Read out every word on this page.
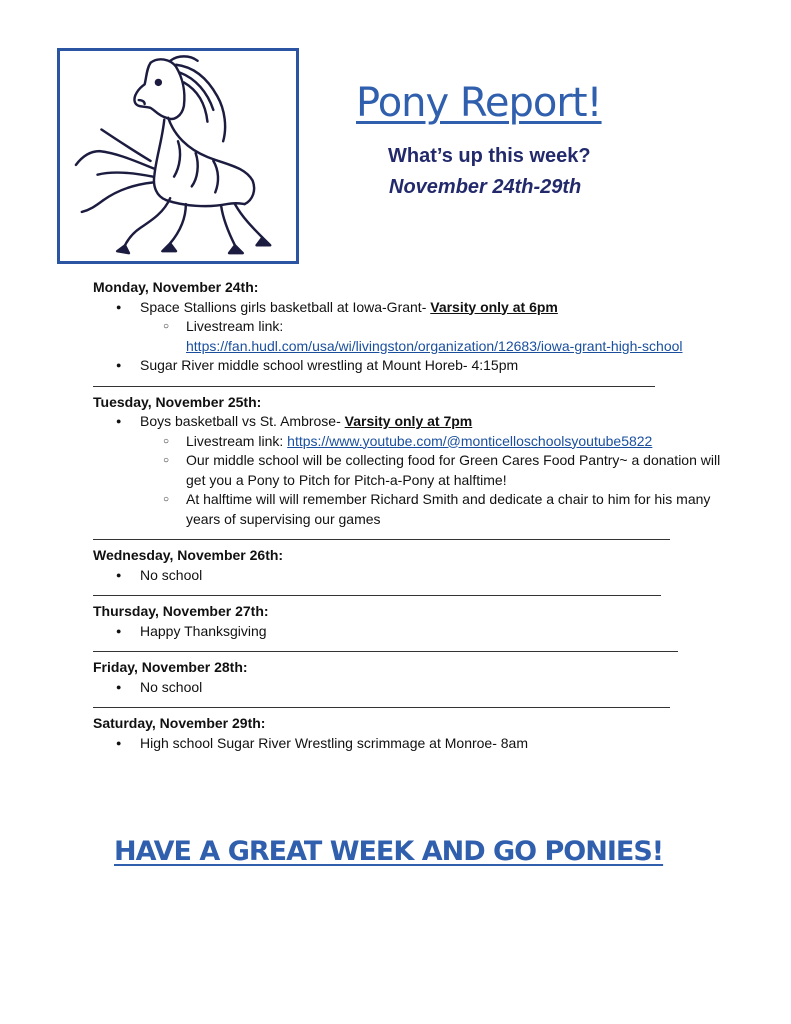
Pony Report!
What’s up this week?
November 24th-29th
Monday, November 24th:
● Space Stallions girls basketball at Iowa-Grant- Varsity only at 6pm
○ Livestream link:
https://fan.hudl.com/usa/wi/livingston/organization/12683/iowa-grant-high-school
● Sugar River middle school wrestling at Mount Horeb- 4:15pm
Tuesday, November 25th:
● Boys basketball vs St. Ambrose- Varsity only at 7pm
○ Livestream link: https://www.youtube.com/@monticelloschoolsyoutube5822
○ Our middle school will be collecting food for Green Cares Food Pantry~ a donation will get you a Pony to Pitch for Pitch-a-Pony at halftime!
○ At halftime will will remember Richard Smith and dedicate a chair to him for his many years of supervising our games
Wednesday, November 26th:
● No school
Thursday, November 27th:
● Happy Thanksgiving
Friday, November 28th:
● No school
Saturday, November 29th:
● High school Sugar River Wrestling scrimmage at Monroe- 8am
HAVE A GREAT WEEK AND GO PONIES!
